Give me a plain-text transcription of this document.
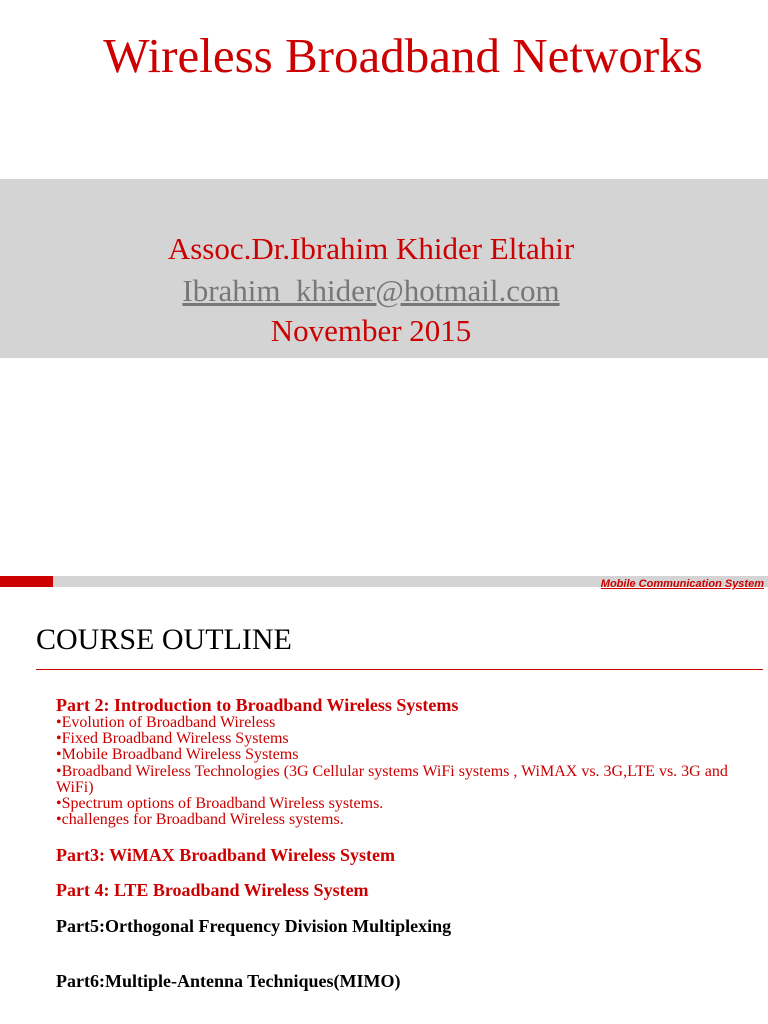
Wireless Broadband Networks
Assoc.Dr.Ibrahim Khider Eltahir
Ibrahim_khider@hotmail.com
November 2015
Mobile Communication System
COURSE OUTLINE
Part 2: Introduction to Broadband Wireless Systems
•Evolution of Broadband Wireless
•Fixed Broadband Wireless Systems
•Mobile Broadband Wireless Systems
•Broadband Wireless Technologies (3G Cellular systems WiFi systems , WiMAX vs. 3G,LTE vs. 3G and WiFi)
•Spectrum options of Broadband Wireless systems.
•challenges for Broadband Wireless systems.
Part3: WiMAX Broadband Wireless System
Part 4: LTE Broadband Wireless System
Part5:Orthogonal Frequency Division Multiplexing
Part6:Multiple-Antenna Techniques(MIMO)
